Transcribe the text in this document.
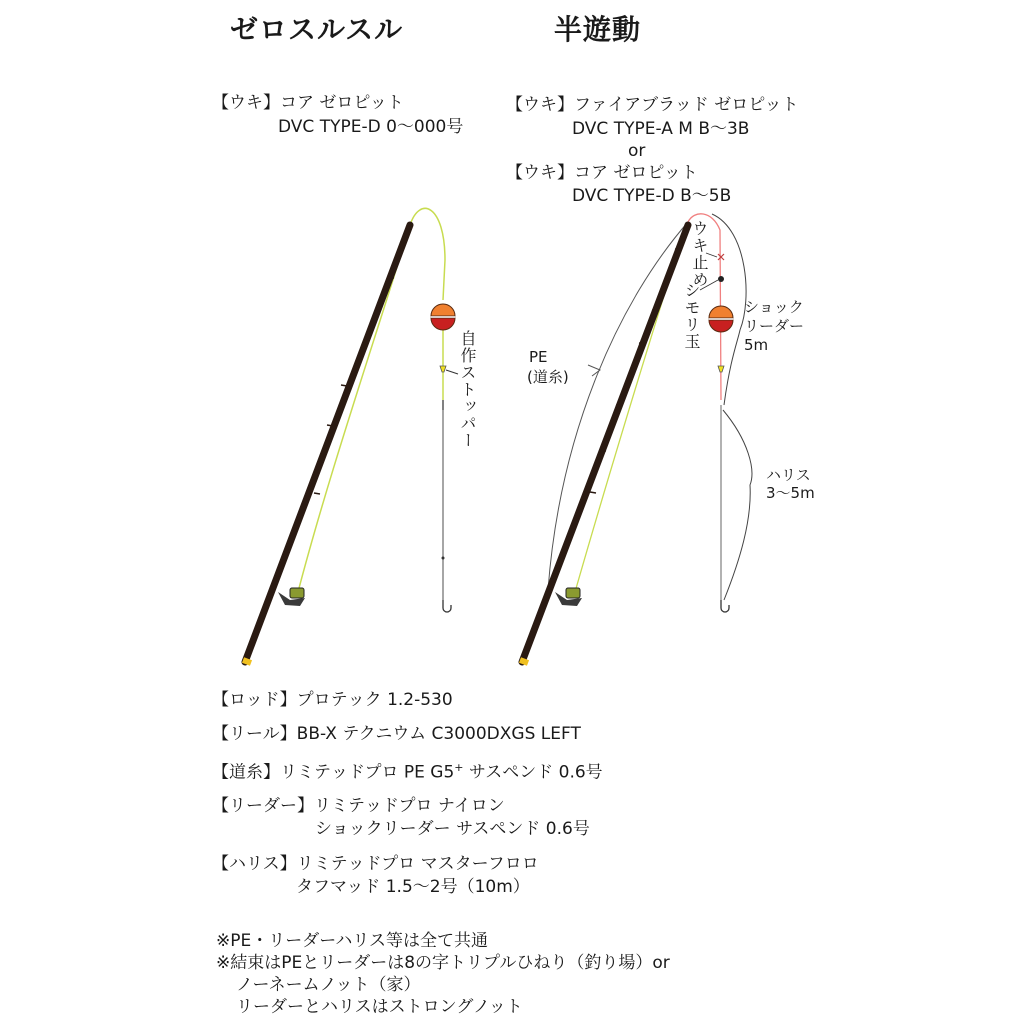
ゼロスルスル	半遊動
【ウキ】コア ゼロピット
DVC TYPE-D 0〜000号
【ウキ】ファイアブラッド ゼロピット
DVC TYPE-A M B〜3B
or
【ウキ】コア ゼロピット
DVC TYPE-D B〜5B
自作ストッパー
ウキ止め
シモリ玉
PE
(道糸)
ショック
リーダー
5m
ハリス
3〜5m
【ロッド】プロテック 1.2-530
【リール】BB-X テクニウム C3000DXGS LEFT
【道糸】リミテッドプロ PE G5+ サスペンド 0.6号
【リーダー】リミテッドプロ ナイロン
ショックリーダー サスペンド 0.6号
【ハリス】リミテッドプロ マスターフロロ
タフマッド 1.5〜2号（10m）
※PE・リーダーハリス等は全て共通
※結束はPEとリーダーは8の字トリプルひねり（釣り場）or
ノーネームノット（家）
リーダーとハリスはストロングノット
